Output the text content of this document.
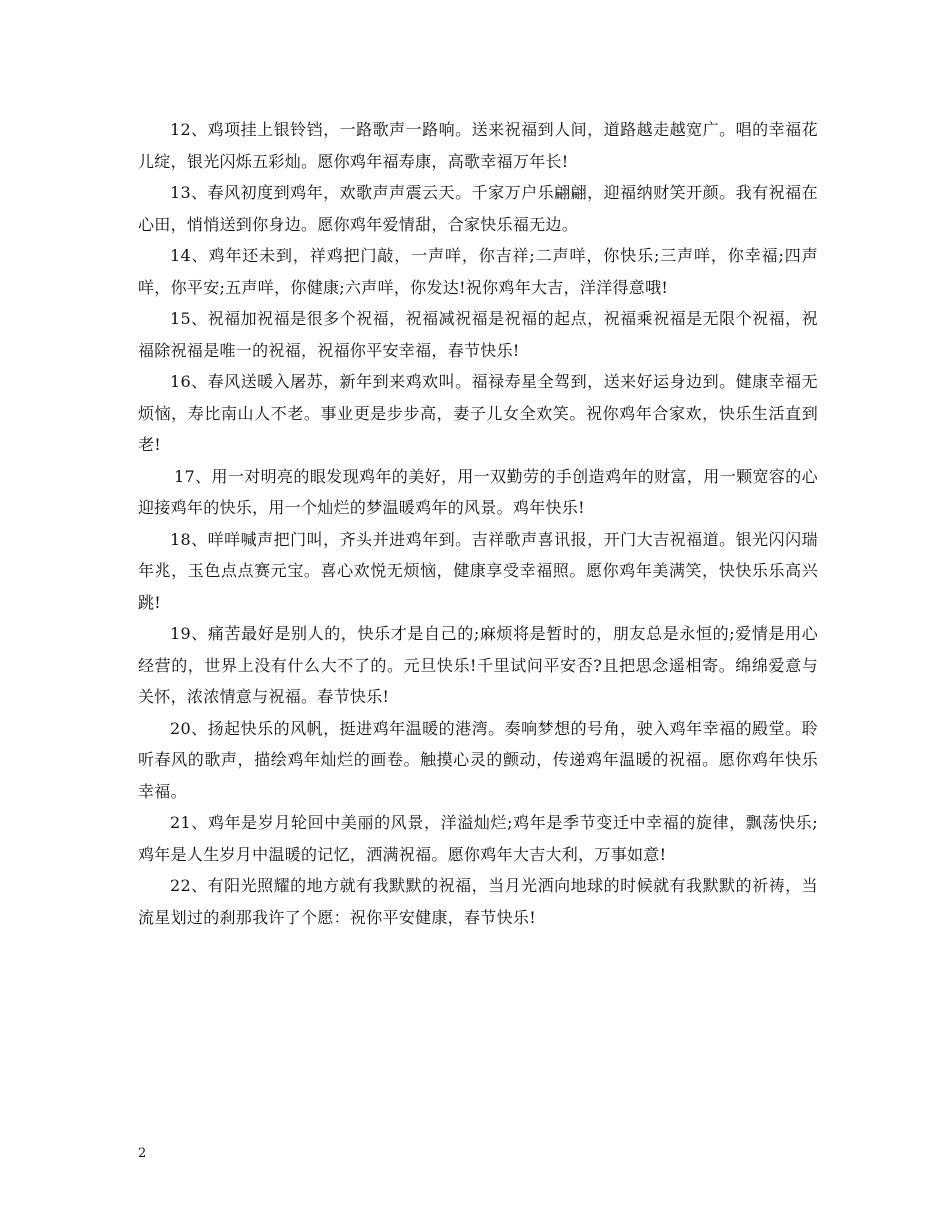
12、鸡项挂上银铃铛，一路歌声一路响。送来祝福到人间，道路越走越宽广。唱的幸福花儿绽，银光闪烁五彩灿。愿你鸡年福寿康，高歌幸福万年长!

13、春风初度到鸡年，欢歌声声震云天。千家万户乐翩翩，迎福纳财笑开颜。我有祝福在心田，悄悄送到你身边。愿你鸡年爱情甜，合家快乐福无边。

14、鸡年还未到，祥鸡把门敲，一声咩，你吉祥;二声咩，你快乐;三声咩，你幸福;四声咩，你平安;五声咩，你健康;六声咩，你发达!祝你鸡年大吉，洋洋得意哦!

15、祝福加祝福是很多个祝福，祝福减祝福是祝福的起点，祝福乘祝福是无限个祝福，祝福除祝福是唯一的祝福，祝福你平安幸福，春节快乐!

16、春风送暖入屠苏，新年到来鸡欢叫。福禄寿星全驾到，送来好运身边到。健康幸福无烦恼，寿比南山人不老。事业更是步步高，妻子儿女全欢笑。祝你鸡年合家欢，快乐生活直到老!

17、用一对明亮的眼发现鸡年的美好，用一双勤劳的手创造鸡年的财富，用一颗宽容的心迎接鸡年的快乐，用一个灿烂的梦温暖鸡年的风景。鸡年快乐!

18、咩咩喊声把门叫，齐头并进鸡年到。吉祥歌声喜讯报，开门大吉祝福道。银光闪闪瑞年兆，玉色点点赛元宝。喜心欢悦无烦恼，健康享受幸福照。愿你鸡年美满笑，快快乐乐高兴跳!

19、痛苦最好是别人的，快乐才是自己的;麻烦将是暂时的，朋友总是永恒的;爱情是用心经营的，世界上没有什么大不了的。元旦快乐!千里试问平安否?且把思念遥相寄。绵绵爱意与关怀，浓浓情意与祝福。春节快乐!

20、扬起快乐的风帆，挺进鸡年温暖的港湾。奏响梦想的号角，驶入鸡年幸福的殿堂。聆听春风的歌声，描绘鸡年灿烂的画卷。触摸心灵的颤动，传递鸡年温暖的祝福。愿你鸡年快乐幸福。

21、鸡年是岁月轮回中美丽的风景，洋溢灿烂;鸡年是季节变迁中幸福的旋律，飘荡快乐;鸡年是人生岁月中温暖的记忆，洒满祝福。愿你鸡年大吉大利，万事如意!

22、有阳光照耀的地方就有我默默的祝福，当月光洒向地球的时候就有我默默的祈祷，当流星划过的刹那我许了个愿：祝你平安健康，春节快乐!

2
